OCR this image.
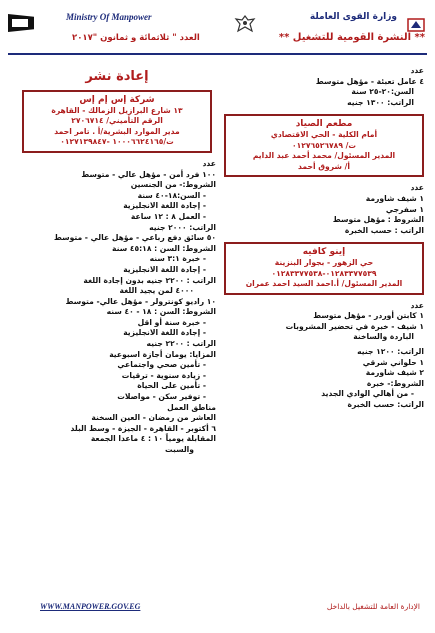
Ministry Of Manpower	وزارة القوى العاملة
العدد " ثلاثمائة و ثمانون "٢٠١٧	** النشرة القومية للتشغيل **
إعادة نشر

شركة إس إم إس

١٣ شارع البرازيل الزمالك - القاهرة

الرقم التأميني/ ٢٧٠٦٧١٤

مدير الموارد البشرية/أ . تامر احمد

ت/١٠٠٠٦٦٢٤١٦٥ -٠١٢٧١٣٩٨٤٧

عدد

١٠٠ فرد أمن - مؤهل عالي - متوسط

الشروط:- من الجنسين

- السن:١٨-٤٠ سنة

- إجادة اللغة الانجليزية

- العمل ٨ : ١٢ ساعة

الراتب: ٢٠٠٠ جنيه

٥٠ سائق دفع رباعي - مؤهل عالي - متوسط

الشروط: السن : ٤٥:١٨ سنة

- خبرة ٣:١ سنه

- إجادة اللغة الانجليزية

الراتب : ٢٢٠٠ جنيه بدون إجادة اللغة

٤٠٠٠ لمن يجيد اللغة

١٠ راديو كونترولر - مؤهل عالي- متوسط

الشروط: السن : ١٨ - ٤٠ سنه

- خبرة سنة أو اقل

- إجادة اللغة الانجليزية

الراتب : ٢٢٠٠ جنيه

المزايا: يومان أجازة اسبوعية

- تأمين صحي واجتماعي

- زيادة سنوية - ترقيات

- تأمين على الحياة

- توفير سكن - مواصلات

مناطق العمل

العاشر من رمضان - العين السخنة

٦ أكتوبر - القاهرة - الجيزة - وسط البلد

المقابلة يومياً ١٠ : ٤ ماعدا الجمعة

والسبت

عدد

٤ عامل تعبئة - مؤهل متوسط

السن:٢٠-٢٥ سنة

الراتب: ١٣٠٠ جنيه

مطعم الصياد

أمام الكلية - الحي الاقتصادي

ت/ ٠١٢٧٦٥٢٦٧٨٩

المدير المسئول/ محمد أحمد عبد الدايم

أ/ شروق أحمد

عدد

١ شيف شاورمة

١ سفرجي

الشروط : مؤهل متوسط

الراتب : حسب الخبرة

إينو كافيه

حي الزهور - بجوار البنزينة

٠١٢٨٣٣٧٧٥٣٩-٠١٢٨٣٣٧٧٥٣٨

المدير المسئول/ أ.احمد السيد احمد عمران

عدد

١ كابتن أوردر - مؤهل متوسط

١ شيف - خبرة في تحضير المشروبات

الباردة والساخنة

الراتب: ١٢٠٠ جنيه

١ حلواني شرقي

٢ شيف شاورمة

الشروط:- خبرة

- من أهالي الوادي الجديد

الراتب: حسب الخبرة

WWW.MANPOWER.GOV.EG	الإدارة العامة للتشغيل بالداخل
